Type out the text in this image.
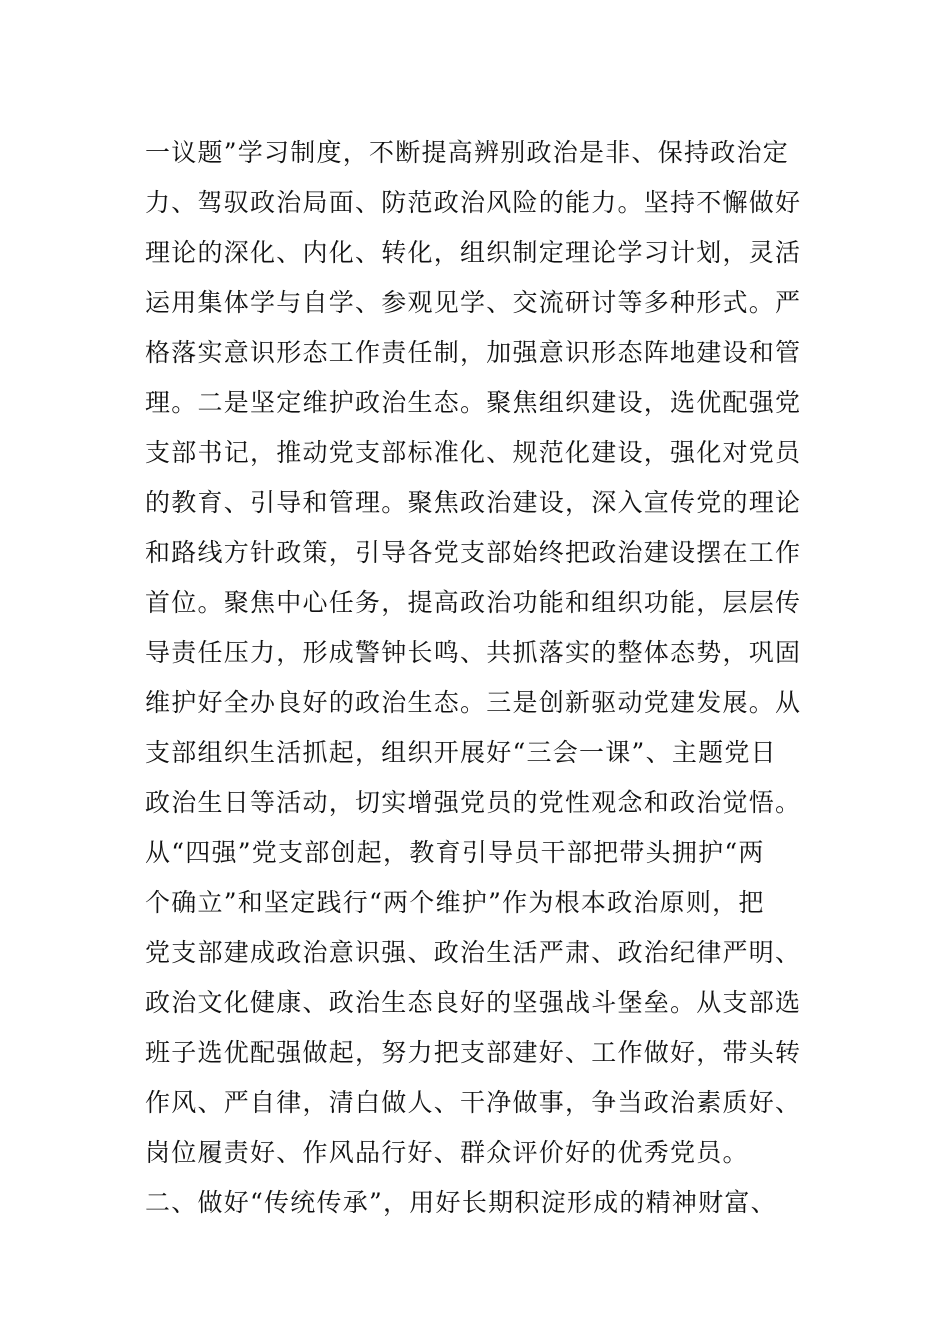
一议题”学习制度，不断提高辨别政治是非、保持政治定
力、驾驭政治局面、防范政治风险的能力。坚持不懈做好
理论的深化、内化、转化，组织制定理论学习计划，灵活
运用集体学与自学、参观见学、交流研讨等多种形式。严
格落实意识形态工作责任制，加强意识形态阵地建设和管
理。二是坚定维护政治生态。聚焦组织建设，选优配强党
支部书记，推动党支部标准化、规范化建设，强化对党员
的教育、引导和管理。聚焦政治建设，深入宣传党的理论
和路线方针政策，引导各党支部始终把政治建设摆在工作
首位。聚焦中心任务，提高政治功能和组织功能，层层传
导责任压力，形成警钟长鸣、共抓落实的整体态势，巩固
维护好全办良好的政治生态。三是创新驱动党建发展。从
支部组织生活抓起，组织开展好“三会一课”、主题党日
政治生日等活动，切实增强党员的党性观念和政治觉悟。
从“四强”党支部创起，教育引导员干部把带头拥护“两
个确立”和坚定践行“两个维护”作为根本政治原则，把
党支部建成政治意识强、政治生活严肃、政治纪律严明、
政治文化健康、政治生态良好的坚强战斗堡垒。从支部选
班子选优配强做起，努力把支部建好、工作做好，带头转
作风、严自律，清白做人、干净做事，争当政治素质好、
岗位履责好、作风品行好、群众评价好的优秀党员。
二、做好“传统传承”，用好长期积淀形成的精神财富、
